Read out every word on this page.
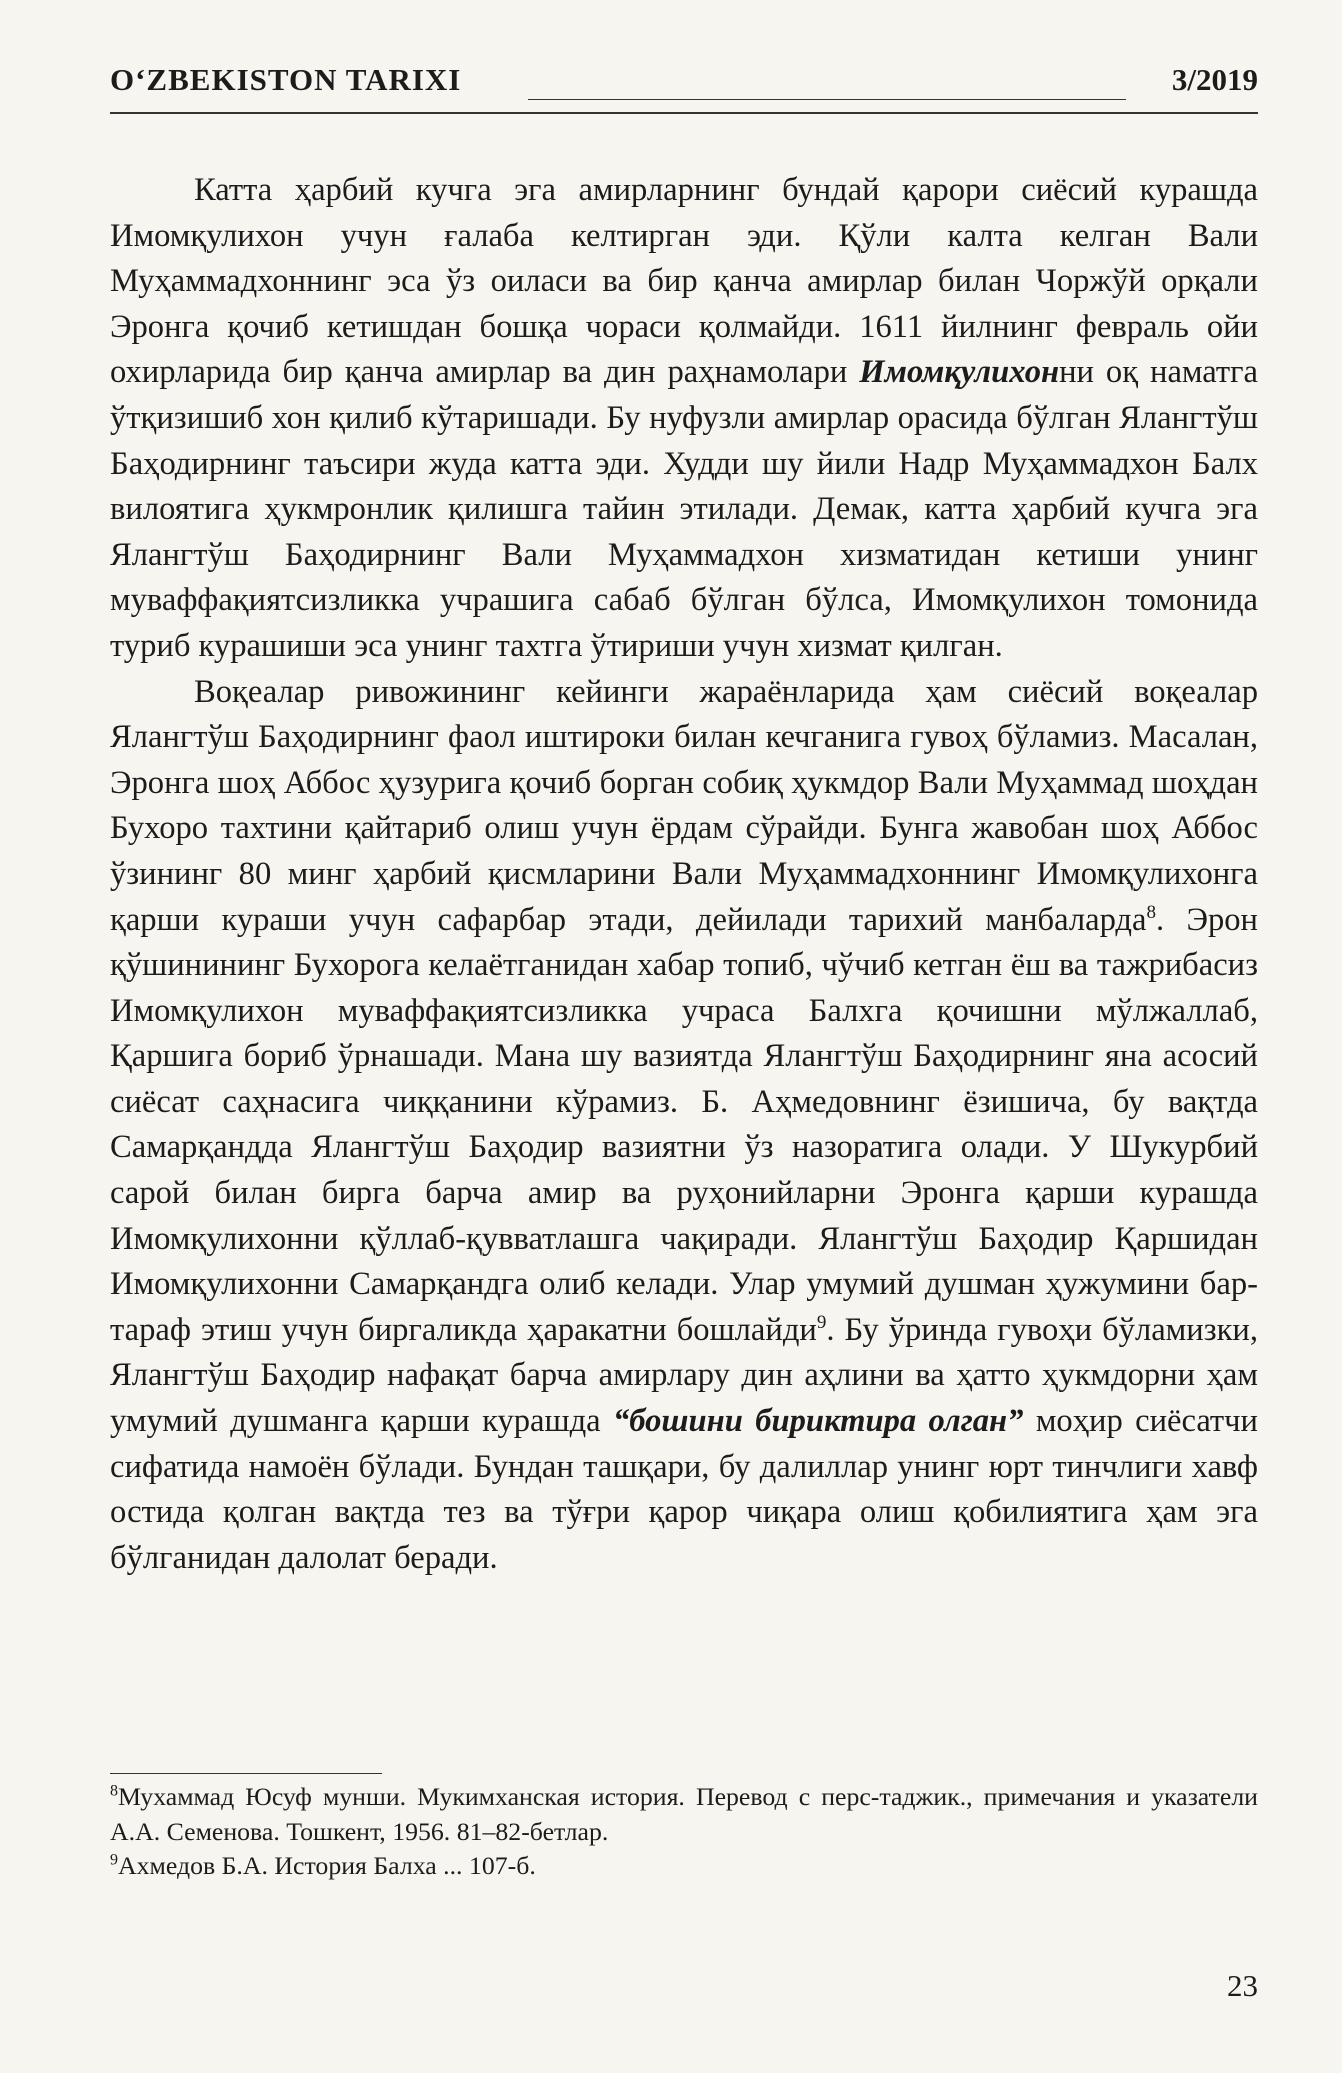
O‘ZBEKISTON TARIXI	3/2019

Катта ҳарбий кучга эга амирларнинг бундай қарори сиёсий курашда Имомқулихон учун ғалаба келтирган эди. Қўли калта келган Вали Муҳаммадхоннинг эса ўз оиласи ва бир қанча амирлар билан Чоржўй орқали Эронга қочиб кетишдан бошқа чораси қолмайди. 1611 йилнинг февраль ойи охирларида бир қанча амирлар ва дин раҳнамолари Имомқулихонни оқ наматга ўтқизишиб хон қилиб кўтаришади. Бу нуфузли амирлар орасида бўлган Ялангтўш Баҳодирнинг таъсири жуда катта эди. Худди шу йили Надр Муҳаммадхон Балх вилоятига ҳукмронлик қилишга тайин этилади. Демак, катта ҳарбий кучга эга Ялангтўш Баҳодирнинг Вали Муҳаммадхон хизматидан кетиши унинг муваффақиятсизликка учрашига сабаб бўлган бўлса, Имомқулихон томонида туриб курашиши эса унинг тахтга ўтириши учун хизмат қилган.

Воқеалар ривожининг кейинги жараёнларида ҳам сиёсий воқеалар Ялангтўш Баҳодирнинг фаол иштироки билан кечганига гувоҳ бўламиз. Масалан, Эронга шоҳ Аббос ҳузурига қочиб борган собиқ ҳукмдор Вали Муҳаммад шоҳдан Бухоро тахтини қайтариб олиш учун ёрдам сўрайди. Бунга жавобан шоҳ Аббос ўзининг 80 минг ҳарбий қисмларини Вали Муҳаммадхоннинг Имомқулихонга қарши кураши учун сафарбар этади, дейилади тарихий манбаларда$^8$. Эрон қўшинининг Бухорога келаётганидан хабар топиб, чўчиб кетган ёш ва тажрибасиз Имомқулихон муваффақиятсизликка учраса Балхга қочишни мўлжаллаб, Қаршига бориб ўрнашади. Мана шу вазиятда Ялангтўш Баҳодирнинг яна асосий сиёсат саҳнасига чиққанини кўрамиз. Б. Аҳмедовнинг ёзишича, бу вақтда Самарқандда Ялангтўш Баҳодир вазиятни ўз назоратига олади. У Шукурбий сарой билан бирга барча амир ва руҳонийларни Эронга қарши курашда Имомқулихонни қўллаб-қувватлашга чақиради. Ялангтўш Баҳодир Қаршидан Имомқулихонни Самарқандга олиб келади. Улар умумий душман ҳужумини бартараф этиш учун биргаликда ҳаракатни бошлайди$^9$. Бу ўринда гувоҳи бўламизки, Ялангтўш Баҳодир нафақат барча амирлару дин аҳлини ва ҳатто ҳукмдорни ҳам умумий душманга қарши курашда “бошини бириктира олган” моҳир сиёсатчи сифатида намоён бўлади. Бундан ташқари, бу далиллар унинг юрт тинчлиги хавф остида қолган вақтда тез ва тўғри қарор чиқара олиш қобилиятига ҳам эга бўлганидан далолат беради.

$^8$Мухаммад Юсуф мунши. Мукимханская история. Перевод с перс-таджик., примечания и указатели А.А. Семенова. Тошкент, 1956. 81–82-бетлар.

$^9$Ахмедов Б.А. История Балха ... 107-б.

23
